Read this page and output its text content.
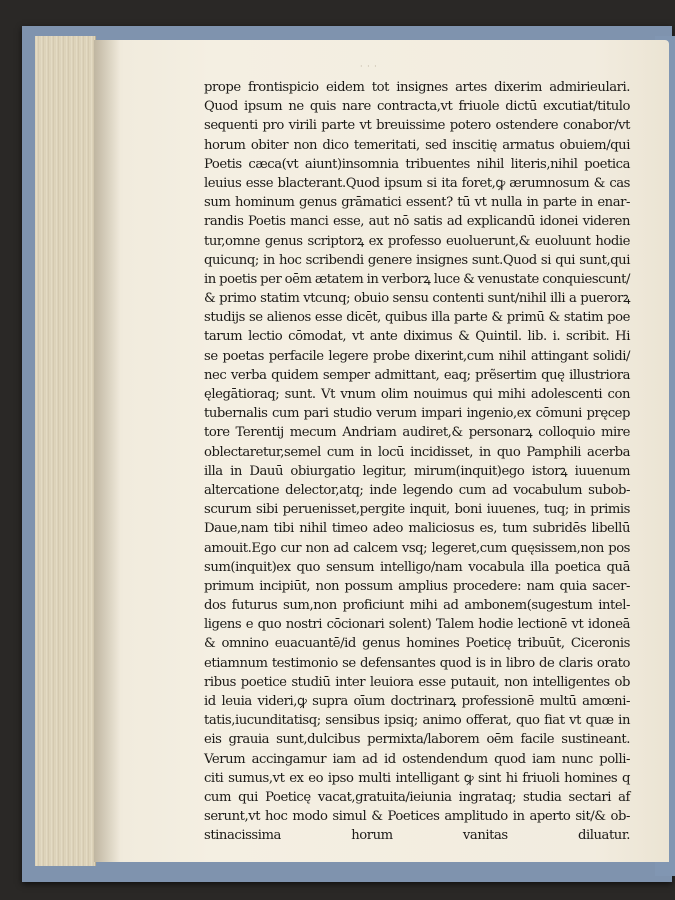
· · ·
prope frontispicio eidem tot insignes artes dixerim admirieulari.
Quod ipsum ne quis nare contracta,vt friuole dictū excutiat/titulo
sequenti pro virili parte vt breuissime potero ostendere conabor/vt
horum obiter non dico temeritati, sed inscitię armatus obuiem/qui
Poetis cæca(vt aiunt)insomnia tribuentes nihil literis,nihil poetica
leuius esse blacterant.Quod ipsum si ita foret,ꝙ ærumnosum & cas
sum hominum genus grāmatici essent? tū vt nulla in parte in enar-
randis Poetis manci esse, aut nō satis ad explicandū idonei videren
tur,omne genus scriptorꝝ ex professo euoluerunt,& euoluunt hodie
quicunq; in hoc scribendi genere insignes sunt.Quod si qui sunt,qui
in poetis per oēm ætatem in verborꝝ luce & venustate conquiescunt/
& primo statim vtcunq; obuio sensu contenti sunt/nihil illi a puerorꝝ
studijs se alienos esse dicēt, quibus illa parte & primū & statim poe
tarum lectio cōmodat, vt ante diximus & Quintil. lib. i. scribit. Hi
se poetas perfacile legere probe dixerint,cum nihil attingant solidi/
nec verba quidem semper admittant, eaq; prẽsertim quę illustriora
ęlegātioraq; sunt. Vt vnum olim nouimus qui mihi adolescenti con
tubernalis cum pari studio verum impari ingenio,ex cōmuni pręcep
tore Terentij mecum Andriam audiret,& personarꝝ colloquio mire
oblectaretur,semel cum in locū incidisset, in quo Pamphili acerba
illa in Dauū obiurgatio legitur, mirum(inquit)ego istorꝝ iuuenum
altercatione delector,atq; inde legendo cum ad vocabulum subob-
scurum sibi peruenisset,pergite inquit, boni iuuenes, tuq; in primis
Daue,nam tibi nihil timeo adeo maliciosus es, tum subridēs libellū
amouit.Ego cur non ad calcem vsq; legeret,cum quęsissem,non pos
sum(inquit)ex quo sensum intelligo/nam vocabula illa poetica quā
primum incipiūt, non possum amplius procedere: nam quia sacer-
dos futurus sum,non proficiunt mihi ad ambonem(sugestum intel-
ligens e quo nostri cōcionari solent) Talem hodie lectionē vt idoneā
& omnino euacuantē/id genus homines Poeticę tribuūt, Ciceronis
etiamnum testimonio se defensantes quod is in libro de claris orato
ribus poetice studiū inter leuiora esse putauit, non intelligentes ob
id leuia videri,ꝙ supra oīum doctrinarꝝ professionē multū amœni-
tatis,iucunditatisq; sensibus ipsiq; animo offerat, quo fiat vt quæ in
eis grauia sunt,dulcibus permixta/laborem oēm facile sustineant.
Verum accingamur iam ad id ostendendum quod iam nunc polli-
citi sumus,vt ex eo ipso multi intelligant ꝙ sint hi friuoli homines q
cum qui Poeticę vacat,gratuita/ieiunia ingrataq; studia sectari af
serunt,vt hoc modo simul & Poetices amplitudo in aperto sit/& ob-
stinacissima horum vanitas diluatur.
